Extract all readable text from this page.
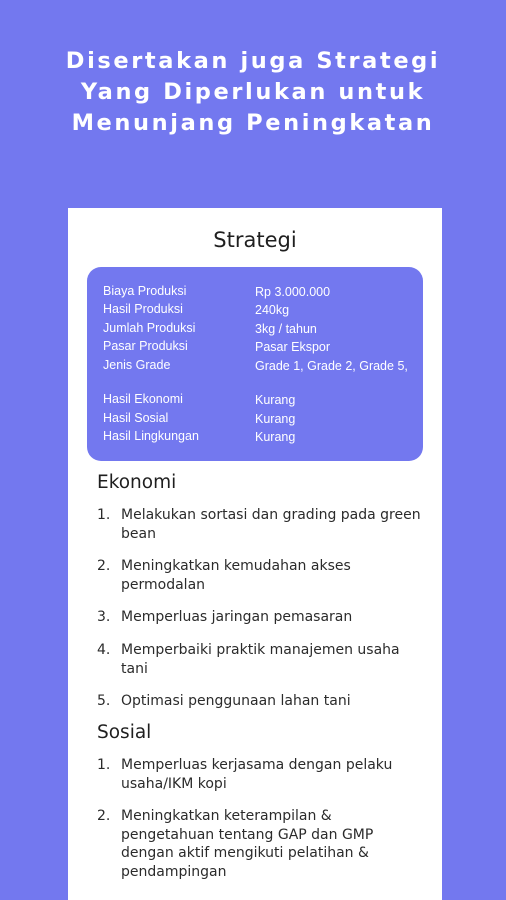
Disertakan juga Strategi
Yang Diperlukan untuk
Menunjang Peningkatan
Strategi
Biaya Produksi	Rp 3.000.000
Hasil Produksi	240kg
Jumlah Produksi	3kg / tahun
Pasar Produksi	Pasar Ekspor
Jenis Grade	Grade 1, Grade 2, Grade 5,
Hasil Ekonomi	Kurang
Hasil Sosial	Kurang
Hasil Lingkungan	Kurang
Ekonomi
1. Melakukan sortasi dan grading pada green bean
2. Meningkatkan kemudahan akses permodalan
3. Memperluas jaringan pemasaran
4. Memperbaiki praktik manajemen usaha tani
5. Optimasi penggunaan lahan tani
Sosial
1. Memperluas kerjasama dengan pelaku usaha/IKM kopi
2. Meningkatkan keterampilan & pengetahuan tentang GAP dan GMP dengan aktif mengikuti pelatihan & pendampingan
